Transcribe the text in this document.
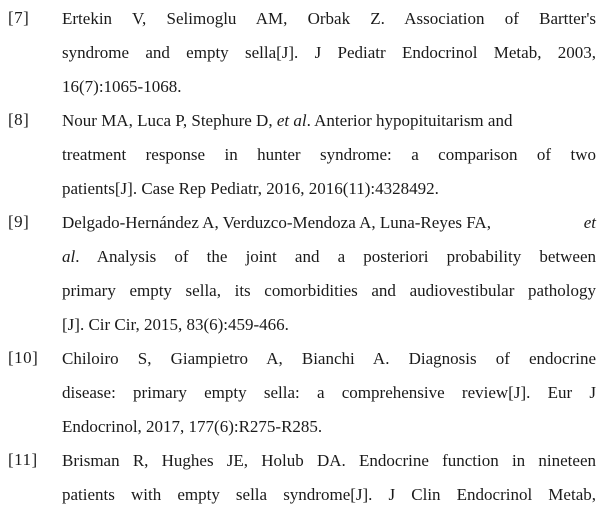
[7] Ertekin V, Selimoglu AM, Orbak Z. Association of Bartter's
syndrome and empty sella[J]. J Pediatr Endocrinol Metab, 2003,
16(7):1065-1068.
[8] Nour MA, Luca P, Stephure D, et al. Anterior hypopituitarism and
treatment response in hunter syndrome: a comparison of two
patients[J]. Case Rep Pediatr, 2016, 2016(11):4328492.
[9] Delgado-Hernández A, Verduzco-Mendoza A, Luna-Reyes FA,	et
al . Analysis of the joint and a posteriori probability between
primary empty sella, its comorbidities and audiovestibular pathology
[J]. Cir Cir, 2015, 83(6):459-466.
[10] Chiloiro S, Giampietro A, Bianchi A. Diagnosis of endocrine
disease: primary empty sella: a comprehensive review[J]. Eur J
Endocrinol, 2017, 177(6):R275-R285.
[11] Brisman R, Hughes JE, Holub DA. Endocrine function in nineteen
patients with empty sella syndrome[J]. J Clin Endocrinol Metab,
